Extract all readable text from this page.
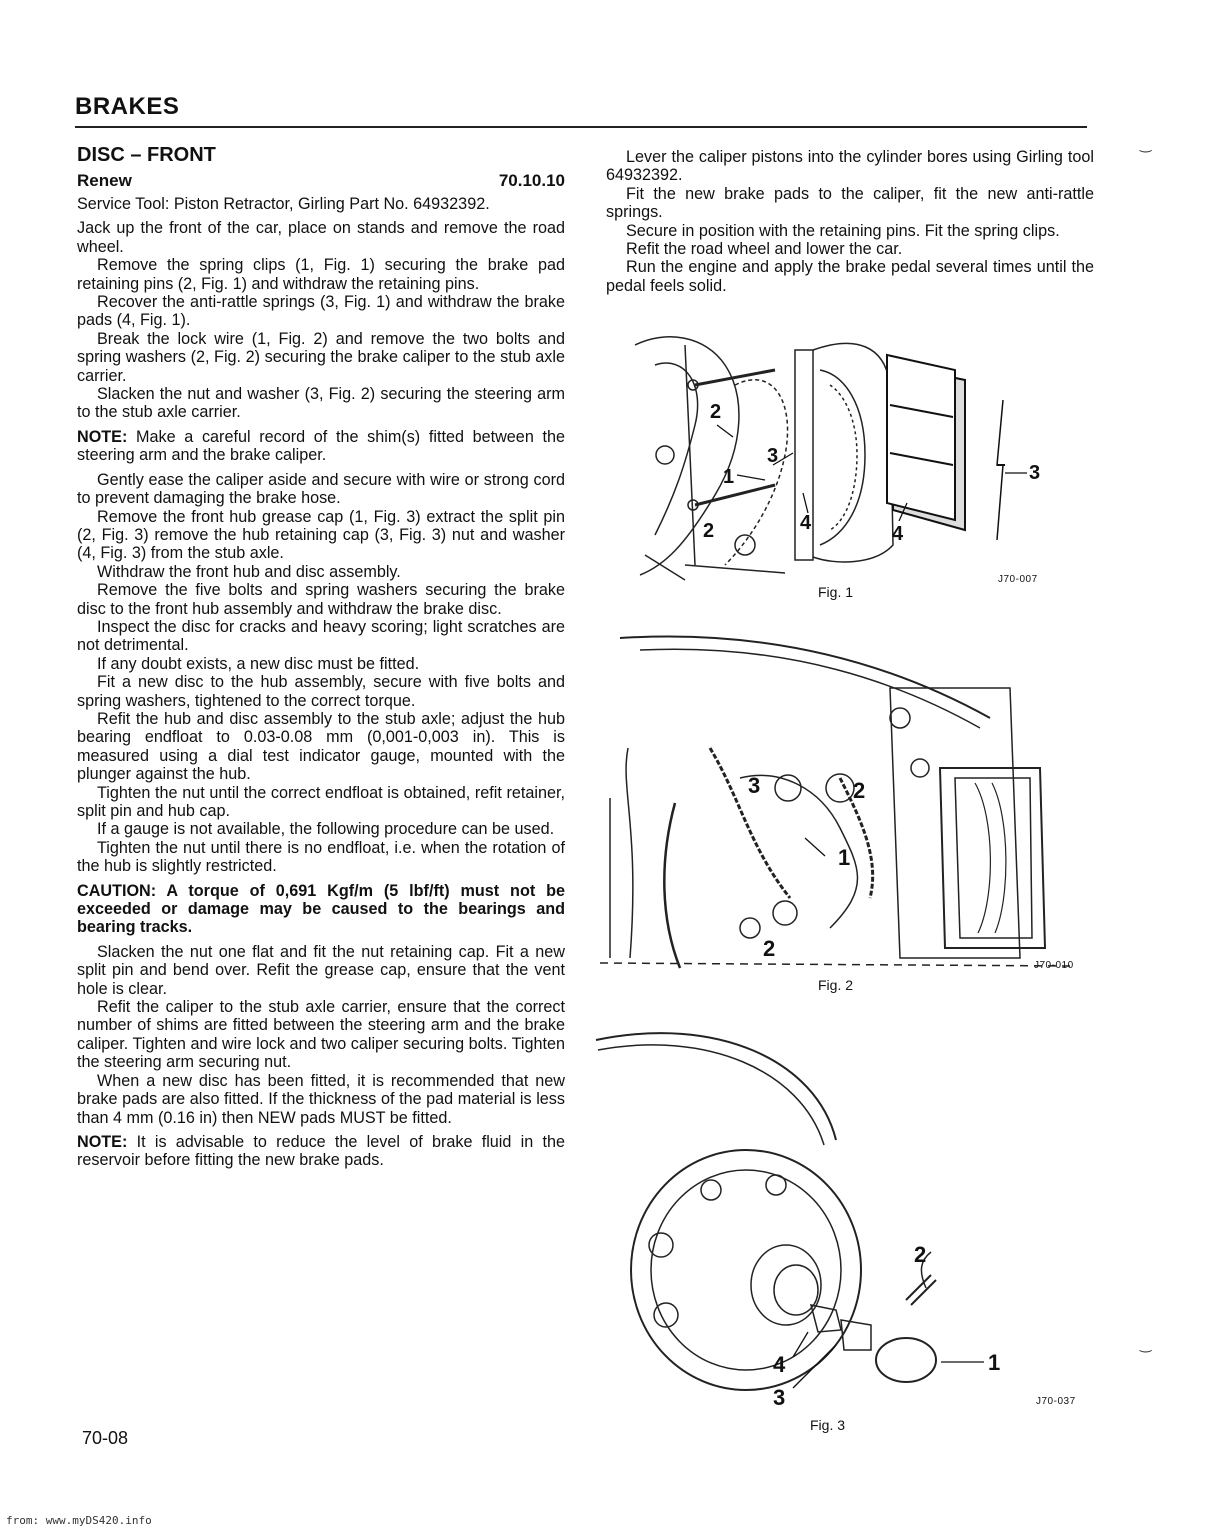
BRAKES
DISC – FRONT
Renew	70.10.10

Service Tool: Piston Retractor, Girling Part No. 64932392.

Jack up the front of the car, place on stands and remove the road wheel.

Remove the spring clips (1, Fig. 1) securing the brake pad retaining pins (2, Fig. 1) and withdraw the retaining pins.

Recover the anti-rattle springs (3, Fig. 1) and withdraw the brake pads (4, Fig. 1).

Break the lock wire (1, Fig. 2) and remove the two bolts and spring washers (2, Fig. 2) securing the brake caliper to the stub axle carrier.

Slacken the nut and washer (3, Fig. 2) securing the steering arm to the stub axle carrier.

NOTE: Make a careful record of the shim(s) fitted between the steering arm and the brake caliper.

Gently ease the caliper aside and secure with wire or strong cord to prevent damaging the brake hose.

Remove the front hub grease cap (1, Fig. 3) extract the split pin (2, Fig. 3) remove the hub retaining cap (3, Fig. 3) nut and washer (4, Fig. 3) from the stub axle.

Withdraw the front hub and disc assembly.

Remove the five bolts and spring washers securing the brake disc to the front hub assembly and withdraw the brake disc.

Inspect the disc for cracks and heavy scoring; light scratches are not detrimental.

If any doubt exists, a new disc must be fitted.

Fit a new disc to the hub assembly, secure with five bolts and spring washers, tightened to the correct torque.

Refit the hub and disc assembly to the stub axle; adjust the hub bearing endfloat to 0.03-0.08 mm (0,001-0,003 in). This is measured using a dial test indicator gauge, mounted with the plunger against the hub.

Tighten the nut until the correct endfloat is obtained, refit retainer, split pin and hub cap.

If a gauge is not available, the following procedure can be used.

Tighten the nut until there is no endfloat, i.e. when the rotation of the hub is slightly restricted.

CAUTION: A torque of 0,691 Kgf/m (5 lbf/ft) must not be exceeded or damage may be caused to the bearings and bearing tracks.

Slacken the nut one flat and fit the nut retaining cap. Fit a new split pin and bend over. Refit the grease cap, ensure that the vent hole is clear.

Refit the caliper to the stub axle carrier, ensure that the correct number of shims are fitted between the steering arm and the brake caliper. Tighten and wire lock and two caliper securing bolts. Tighten the steering arm securing nut.

When a new disc has been fitted, it is recommended that new brake pads are also fitted. If the thickness of the pad material is less than 4 mm (0.16 in) then NEW pads MUST be fitted.

NOTE: It is advisable to reduce the level of brake fluid in the reservoir before fitting the new brake pads.

Lever the caliper pistons into the cylinder bores using Girling tool 64932392.

Fit the new brake pads to the caliper, fit the new anti-rattle springs.

Secure in position with the retaining pins. Fit the spring clips.

Refit the road wheel and lower the car.

Run the engine and apply the brake pedal several times until the pedal feels solid.

2
3
1
2	4	4
3
J70-007
Fig. 1
3	2
1
2
J70-010
Fig. 2
2
1
4
3	J70-037
Fig. 3
‿
‿
70-08
from: www.myDS420.info
